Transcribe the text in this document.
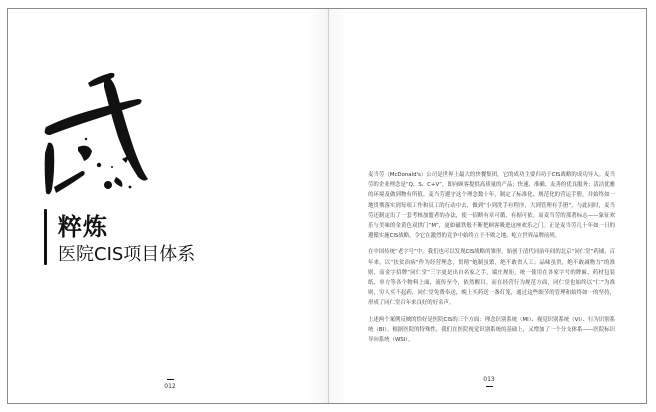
粹炼
医院CIS项目体系
012

麦当劳（McDonald's）公司是世界上最大的快餐集团，它的成功主要归功于CIS战略的成功导入。麦当劳的企业理念是“Q、S、C+V”，即向顾客提供高质量的产品；快速、准确、友善的优良服务；清洁优雅的环境及做到物有所值。麦当劳遵守这个理念数十年，制定了标准化、规范化的营运手册，并始终如一地贯彻落实到每项工作和员工的行动中去，做到“小到洗手有程序，大到管理有手册”，与此同时，麦当劳还制定出了一套考核加盟者的办法，使一招断有章可循，有据可依。而麦当劳的那著标志——象征欢乐与美味的金黄色双拱门“M”，更如磁铁般不断把顾客吸进这座欢乐之门。正是麦当劳几十年如一日的遵循实施CIS战略，令它在激烈的竞争中始终立于不败之地，屹立世界品牌前列。

在中国传统“老字号”中，我们也可以发现CIS战略的雏形。始创于清代同治年间的北京“同仁堂”药铺，百年来，以“扶贫治病”作为经营理念，贯彻“炮制虽繁，绝不敢省人工；品味虽贵，绝不敢减物力”的准则，而金字招牌“同仁堂”三字更是出自名家之手，端庄规矩，统一使用在各家字号的牌匾、药材包装纸、单方等各个物料上面，流传至今，依然醒目。而在经营行为规范方面，同仁堂也始终以“仁”为准则，穷人买不起药，同仁堂免费奉送，晚上买药送一盏灯笼，通过这些细节的管理和始终如一的坚持，形成了同仁堂百年来良好的好名声。

上述两个案例反映的恰好是医院CIS的三个方面：理念识别系统（MI）、视觉识别系统（VI）、行为识别系统（BI）。根据医院的特殊性，我们在医院视觉识别系统的基础上，又增加了一个分支体系——医院标识导向系统（WSI）。

013
